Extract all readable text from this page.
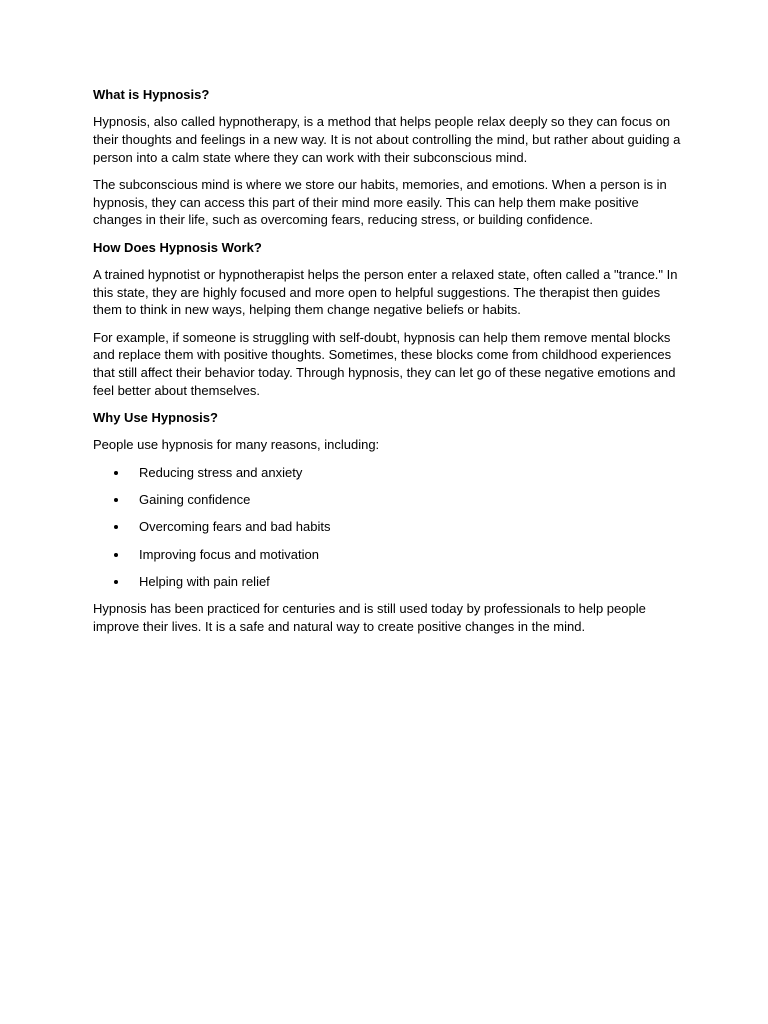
What is Hypnosis?

Hypnosis, also called hypnotherapy, is a method that helps people relax deeply so they can focus on their thoughts and feelings in a new way. It is not about controlling the mind, but rather about guiding a person into a calm state where they can work with their subconscious mind.

The subconscious mind is where we store our habits, memories, and emotions. When a person is in hypnosis, they can access this part of their mind more easily. This can help them make positive changes in their life, such as overcoming fears, reducing stress, or building confidence.

How Does Hypnosis Work?

A trained hypnotist or hypnotherapist helps the person enter a relaxed state, often called a "trance." In this state, they are highly focused and more open to helpful suggestions. The therapist then guides them to think in new ways, helping them change negative beliefs or habits.

For example, if someone is struggling with self-doubt, hypnosis can help them remove mental blocks and replace them with positive thoughts. Sometimes, these blocks come from childhood experiences that still affect their behavior today. Through hypnosis, they can let go of these negative emotions and feel better about themselves.

Why Use Hypnosis?

People use hypnosis for many reasons, including:

Reducing stress and anxiety
Gaining confidence
Overcoming fears and bad habits
Improving focus and motivation
Helping with pain relief

Hypnosis has been practiced for centuries and is still used today by professionals to help people improve their lives. It is a safe and natural way to create positive changes in the mind.
